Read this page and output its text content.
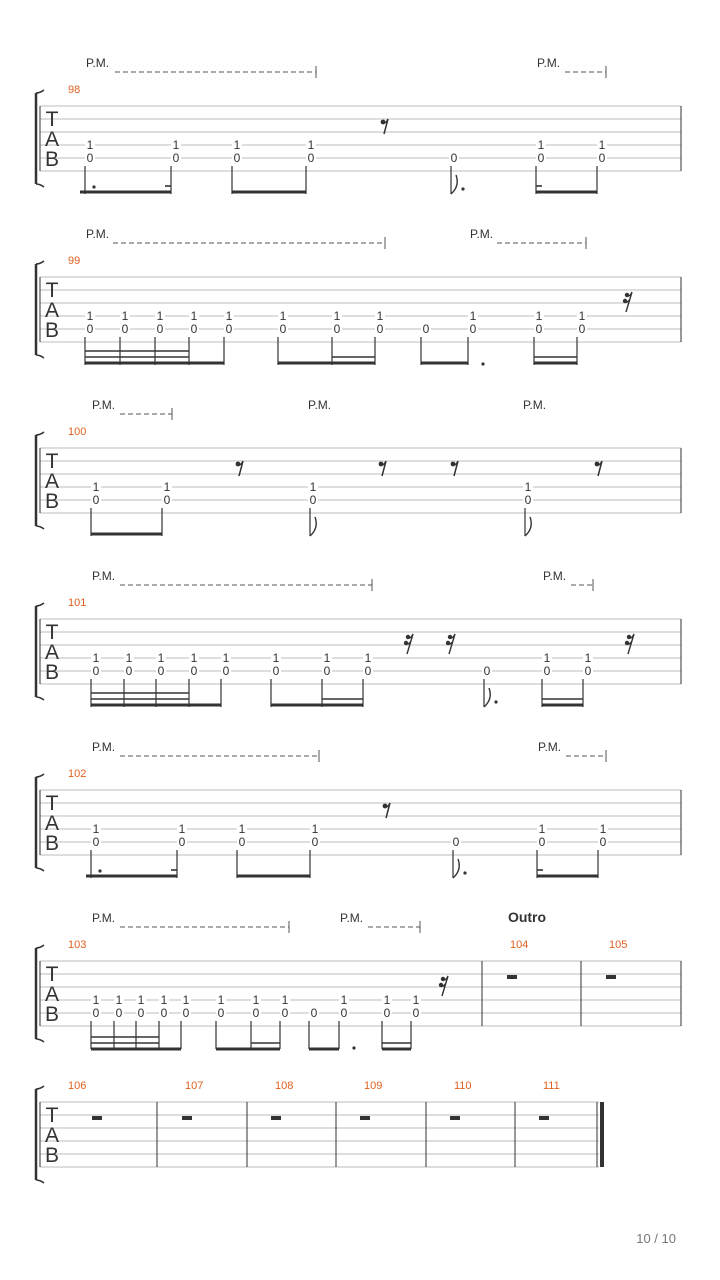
T
A
B
98
1
0
1
0
1
0
1
0	0
1
0
1
0
P.M.	P.M.
T
A
B
99
1
0
1
0
1
0
1
0
1
0
1
0
1
0
1
0	0
1
0
1
0
1
0
P.M.	P.M.
T
A
B
100
1
0
1
0
1
0
1
0
P.M.	P.M.	P.M.
T
A
B
101
1
0
1
0
1
0
1
0
1
0
1
0
1
0
1
0	0
1
0
1
0
P.M.	P.M.
T
A
B
102
1
0
1
0
1
0
1
0	0
1
0
1
0
P.M.	P.M.
T
A
B
103
1
0
1
0
1
0
1
0
1
0
1
0
1
0
1
0 0
1
0
1
0
1
0
104	105
P.M.	P.M.	Outro
T
A
B
106	107	108	109	110	111
10 / 10
